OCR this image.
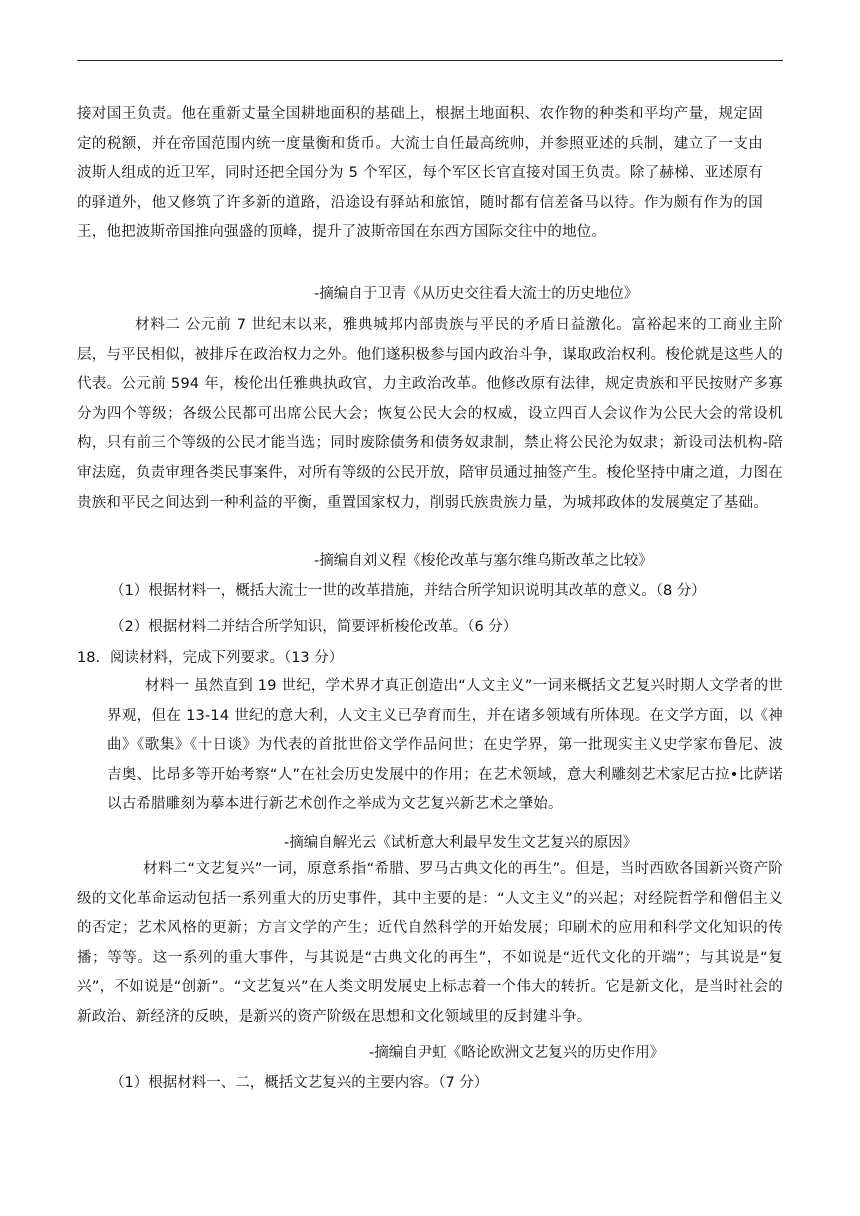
接对国王负责。他在重新丈量全国耕地面积的基础上，根据土地面积、农作物的种类和平均产量，规定固定的税额，并在帝国范围内统一度量衡和货币。大流士自任最高统帅，并参照亚述的兵制，建立了一支由波斯人组成的近卫军，同时还把全国分为 5 个军区，每个军区长官直接对国王负责。除了赫梯、亚述原有的驿道外，他又修筑了许多新的道路，沿途设有驿站和旅馆，随时都有信差备马以待。作为颇有作为的国王，他把波斯帝国推向强盛的顶峰，提升了波斯帝国在东西方国际交往中的地位。

-摘编自于卫青《从历史交往看大流士的历史地位》

材料二 公元前 7 世纪末以来，雅典城邦内部贵族与平民的矛盾日益激化。富裕起来的工商业主阶层，与平民相似，被排斥在政治权力之外。他们遂积极参与国内政治斗争，谋取政治权利。梭伦就是这些人的代表。公元前 594 年，梭伦出任雅典执政官，力主政治改革。他修改原有法律，规定贵族和平民按财产多寡分为四个等级；各级公民都可出席公民大会；恢复公民大会的权威，设立四百人会议作为公民大会的常设机构，只有前三个等级的公民才能当选；同时废除债务和债务奴隶制，禁止将公民沦为奴隶；新设司法机构-陪审法庭，负责审理各类民事案件，对所有等级的公民开放，陪审员通过抽签产生。梭伦坚持中庸之道，力图在贵族和平民之间达到一种利益的平衡，重置国家权力，削弱氏族贵族力量，为城邦政体的发展奠定了基础。

-摘编自刘义程《梭伦改革与塞尔维乌斯改革之比较》

（1）根据材料一，概括大流士一世的改革措施，并结合所学知识说明其改革的意义。（8 分）

（2）根据材料二并结合所学知识，简要评析梭伦改革。（6 分）

18．阅读材料，完成下列要求。（13 分）

材料一 虽然直到 19 世纪，学术界才真正创造出“人文主义”一词来概括文艺复兴时期人文学者的世界观，但在 13-14 世纪的意大利，人文主义已孕育而生，并在诸多领域有所体现。在文学方面，以《神曲》《歌集》《十日谈》为代表的首批世俗文学作品问世；在史学界，第一批现实主义史学家布鲁尼、波吉奥、比昂多等开始考察“人”在社会历史发展中的作用；在艺术领域，意大利雕刻艺术家尼古拉•比萨诺以古希腊雕刻为摹本进行新艺术创作之举成为文艺复兴新艺术之肇始。

-摘编自解光云《试析意大利最早发生文艺复兴的原因》

材料二“文艺复兴”一词，原意系指“希腊、罗马古典文化的再生”。但是，当时西欧各国新兴资产阶级的文化革命运动包括一系列重大的历史事件，其中主要的是：“人文主义”的兴起；对经院哲学和僧侣主义的否定；艺术风格的更新；方言文学的产生；近代自然科学的开始发展；印刷术的应用和科学文化知识的传播；等等。这一系列的重大事件，与其说是“古典文化的再生”，不如说是“近代文化的开端”；与其说是“复兴”，不如说是“创新”。“文艺复兴”在人类文明发展史上标志着一个伟大的转折。它是新文化，是当时社会的新政治、新经济的反映，是新兴的资产阶级在思想和文化领域里的反封建斗争。

-摘编自尹虹《略论欧洲文艺复兴的历史作用》

（1）根据材料一、二，概括文艺复兴的主要内容。（7 分）
